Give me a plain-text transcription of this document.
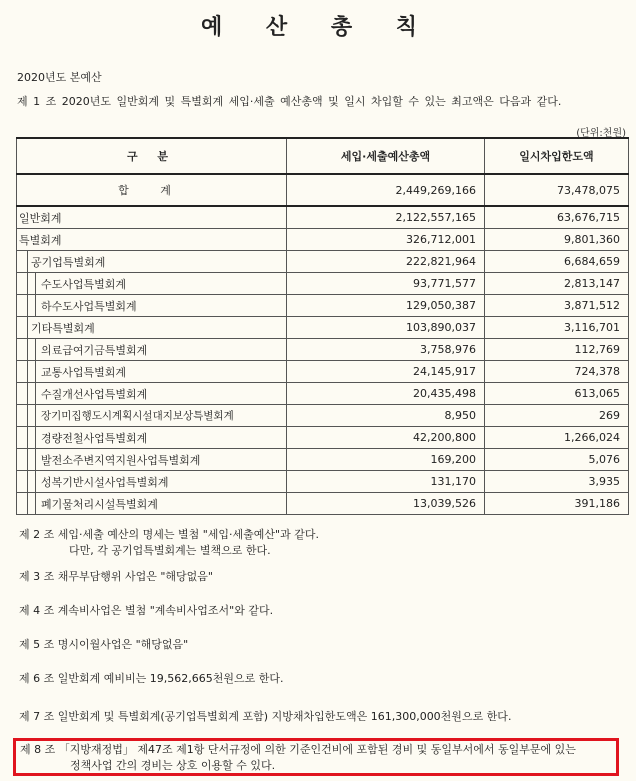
예 산 총 칙
2020년도 본예산
제 1 조 2020년도 일반회계 및 특별회계 세입·세출 예산총액 및 일시 차입할 수 있는 최고액은 다음과 같다.
(단위:천원)
구 분	세입·세출예산총액	일시차입한도액
합 계	2,449,269,166	73,478,075
일반회계	2,122,557,165	63,676,715
특별회계	326,712,001	9,801,360

공기업특별회계	222,821,964	6,684,659

수도사업특별회계	93,771,577	2,813,147

하수도사업특별회계	129,050,387	3,871,512

기타특별회계	103,890,037	3,116,701

의료급여기금특별회계	3,758,976	112,769

교통사업특별회계	24,145,917	724,378

수질개선사업특별회계	20,435,498	613,065

장기미집행도시계획시설대지보상특별회계	8,950	269

경량전철사업특별회계	42,200,800	1,266,024

발전소주변지역지원사업특별회계	169,200	5,076

성복기반시설사업특별회계	131,170	3,935

폐기물처리시설특별회계	13,039,526	391,186
제 2 조 세입·세출 예산의 명세는 별첨 "세입·세출예산"과 같다.
다만, 각 공기업특별회계는 별책으로 한다.
제 3 조 채무부담행위 사업은 "해당없음"
제 4 조 계속비사업은 별첨 "계속비사업조서"와 같다.
제 5 조 명시이월사업은 "해당없음"
제 6 조 일반회계 예비비는 19,562,665천원으로 한다.
제 7 조 일반회계 및 특별회계(공기업특별회계 포함) 지방채차입한도액은 161,300,000천원으로 한다.
제 8 조 「지방재정법」 제47조 제1항 단서규정에 의한 기준인건비에 포함된 경비 및 동일부서에서 동일부문에 있는
정책사업 간의 경비는 상호 이용할 수 있다.
